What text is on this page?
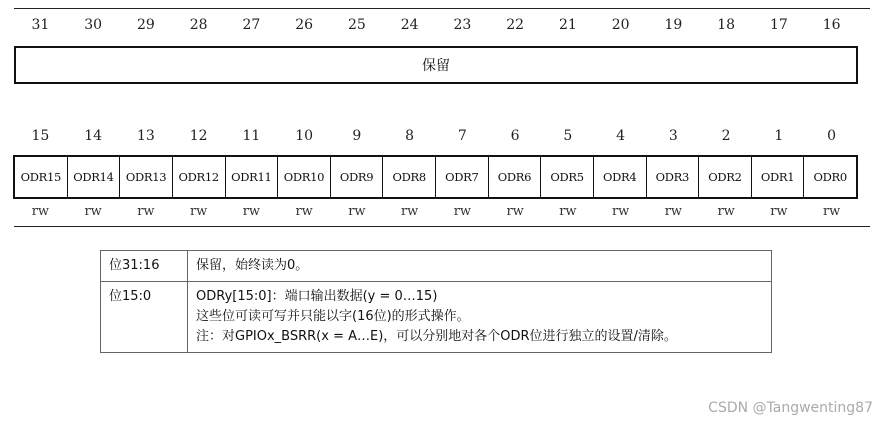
31	30	29	28	27	26	25	24	23	22	21	20	19	18	17	16
保留
15	14	13	12	11	10	9	8	7	6	5	4	3	2	1	0
ODR15	ODR14	ODR13	ODR12	ODR11	ODR10	ODR9	ODR8	ODR7	ODR6	ODR5	ODR4	ODR3	ODR2	ODR1	ODR0
rw	rw	rw	rw	rw	rw	rw	rw	rw	rw	rw	rw	rw	rw	rw	rw
位31:16	保留，始终读为0。

位15:0	ODRy[15:0]：端口输出数据(y = 0…15)
这些位可读可写并只能以字(16位)的形式操作。
注：对GPIOx_BSRR(x = A…E)，可以分别地对各个ODR位进行独立的设置/清除。
CSDN @Tangwenting87
